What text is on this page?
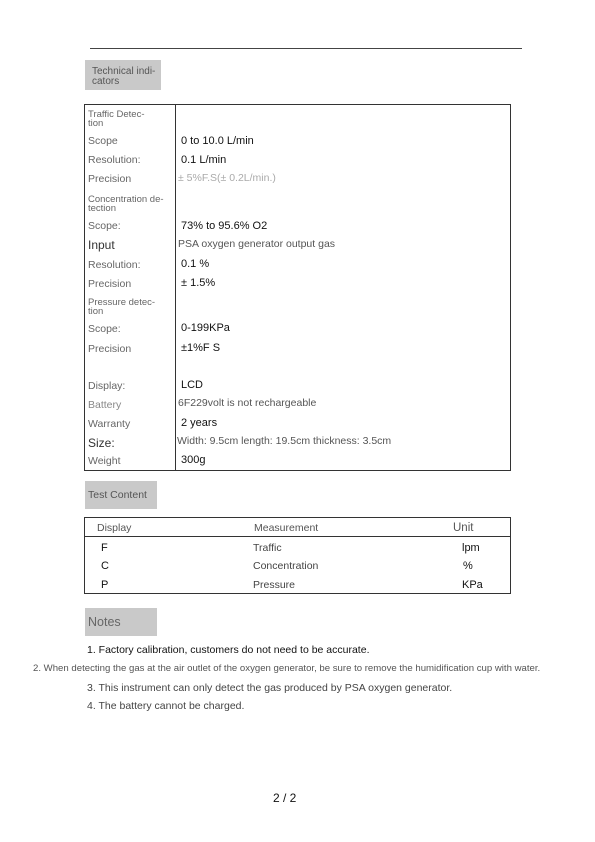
Technical indi-
cators
Traffic Detec-
tion
Scope	0 to 10.0 L/min
Resolution:	0.1 L/min
Precision	± 5%F.S(± 0.2L/min.)
Concentration de-
tection
Scope:	73% to 95.6% O2
Input	PSA oxygen generator output gas
Resolution:	0.1 %
Precision	± 1.5%
Pressure detec-
tion
Scope:	0-199KPa
Precision	±1%F S
Display:	LCD
Battery	6F229volt is not rechargeable
Warranty	2 years
Size:	Width: 9.5cm length: 19.5cm thickness: 3.5cm
Weight	300g
Test Content
Display	Measurement	Unit
F	Traffic	lpm
C	Concentration	%
P	Pressure	KPa
Notes
1. Factory calibration, customers do not need to be accurate.
2. When detecting the gas at the air outlet of the oxygen generator, be sure to remove the humidification cup with water.
3. This instrument can only detect the gas produced by PSA oxygen generator.
4. The battery cannot be charged.
2 / 2
